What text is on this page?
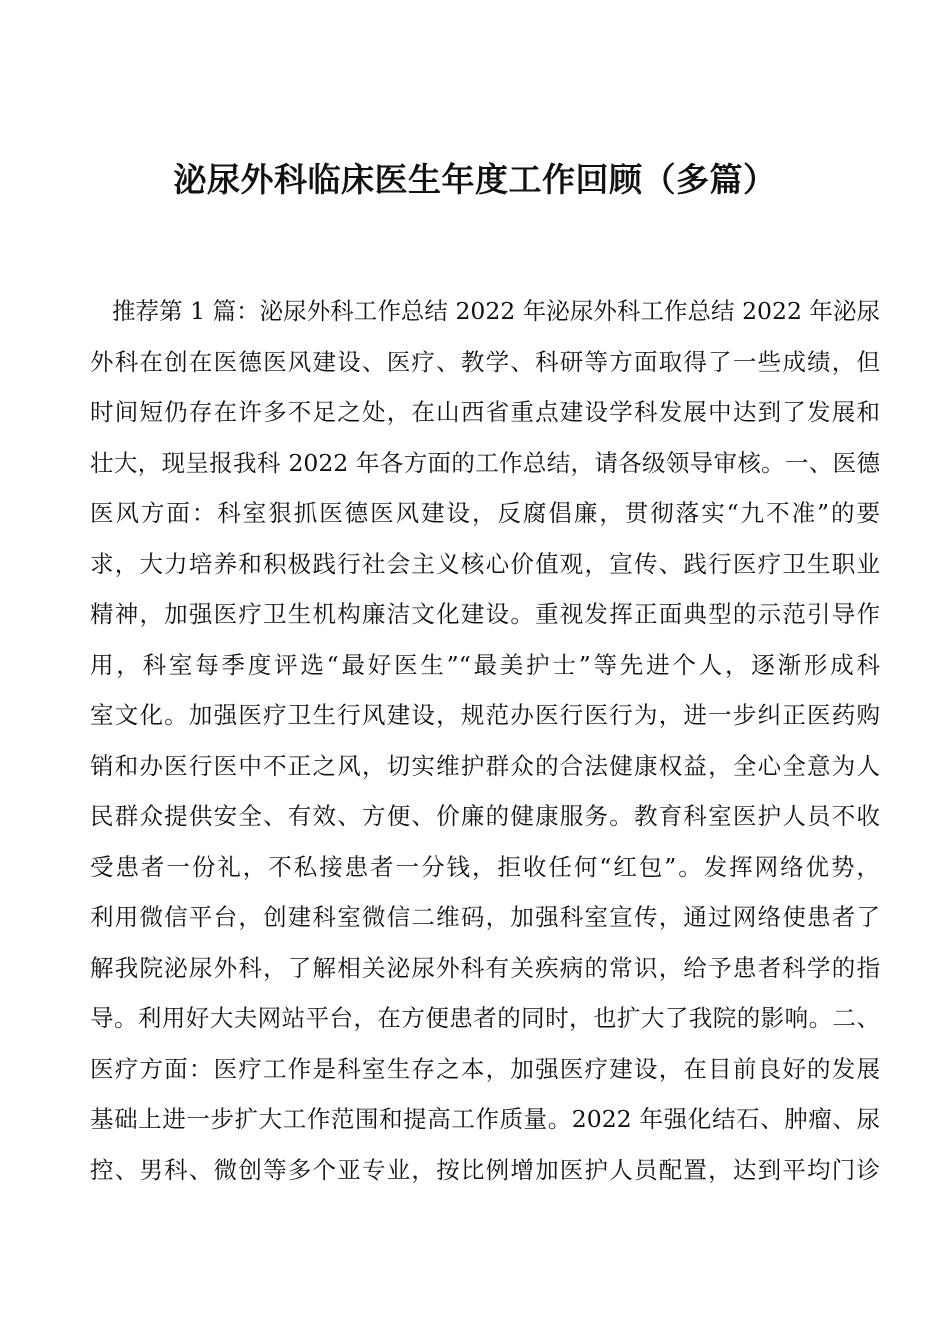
泌尿外科临床医生年度工作回顾（多篇）
推荐第 1 篇：泌尿外科工作总结 2022 年泌尿外科工作总结 2022 年泌尿
外科在创在医德医风建设、医疗、教学、科研等方面取得了一些成绩，但
时间短仍存在许多不足之处，在山西省重点建设学科发展中达到了发展和
壮大，现呈报我科 2022 年各方面的工作总结，请各级领导审核。一、医德
医风方面：科室狠抓医德医风建设，反腐倡廉，贯彻落实“九不准”的要
求，大力培养和积极践行社会主义核心价值观，宣传、践行医疗卫生职业
精神，加强医疗卫生机构廉洁文化建设。重视发挥正面典型的示范引导作
用，科室每季度评选“最好医生”“最美护士”等先进个人，逐渐形成科
室文化。加强医疗卫生行风建设，规范办医行医行为，进一步纠正医药购
销和办医行医中不正之风，切实维护群众的合法健康权益，全心全意为人
民群众提供安全、有效、方便、价廉的健康服务。教育科室医护人员不收
受患者一份礼，不私接患者一分钱，拒收任何“红包”。发挥网络优势，
利用微信平台，创建科室微信二维码，加强科室宣传，通过网络使患者了
解我院泌尿外科，了解相关泌尿外科有关疾病的常识，给予患者科学的指
导。利用好大夫网站平台，在方便患者的同时，也扩大了我院的影响。二、
医疗方面：医疗工作是科室生存之本，加强医疗建设，在目前良好的发展
基础上进一步扩大工作范围和提高工作质量。2022 年强化结石、肿瘤、尿
控、男科、微创等多个亚专业，按比例增加医护人员配置，达到平均门诊
